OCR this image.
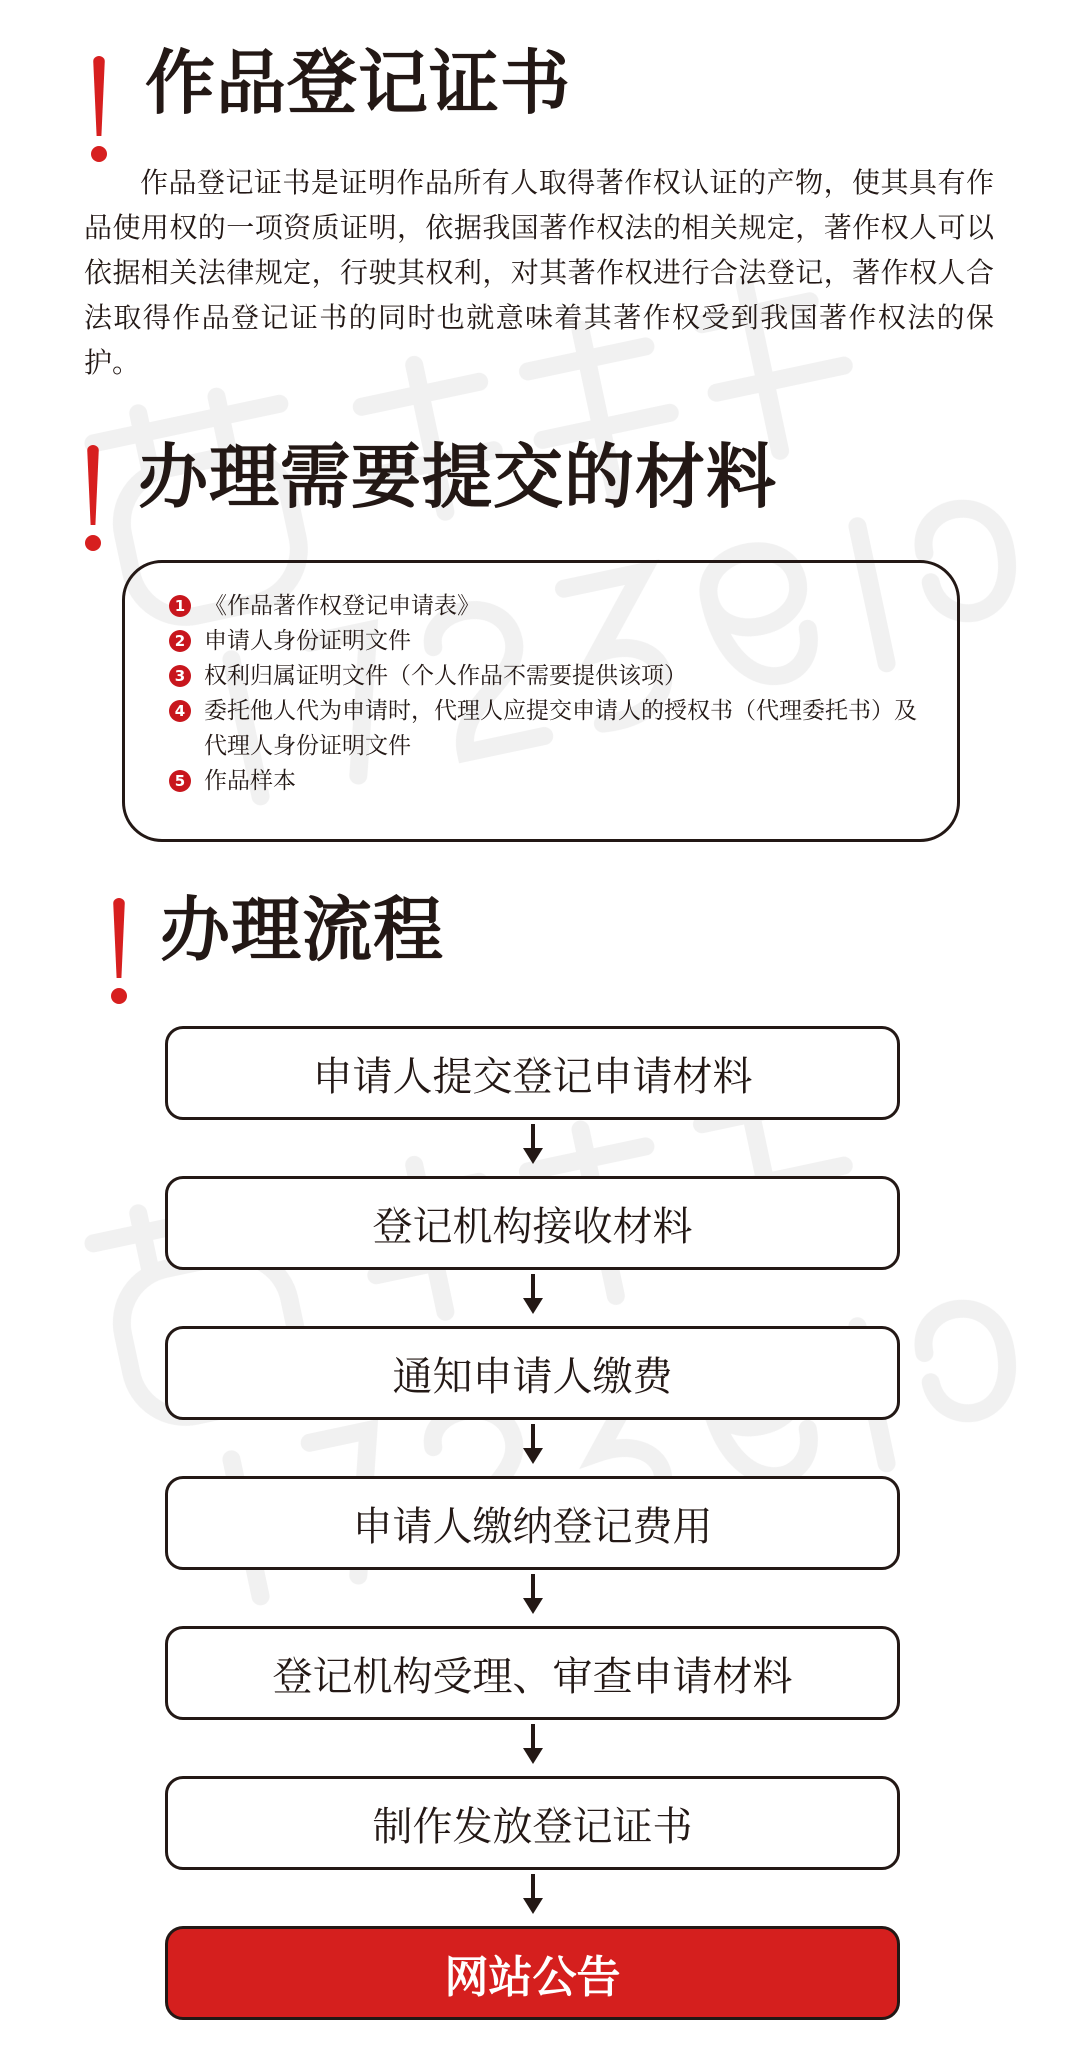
作品登记证书

作品登记证书是证明作品所有人取得著作权认证的产物，使其具有作品使用权的一项资质证明，依据我国著作权法的相关规定，著作权人可以依据相关法律规定，行驶其权利，对其著作权进行合法登记，著作权人合法取得作品登记证书的同时也就意味着其著作权受到我国著作权法的保护。

办理需要提交的材料
1 《作品著作权登记申请表》
2 申请人身份证明文件
3 权利归属证明文件（个人作品不需要提供该项）
4 委托他人代为申请时，代理人应提交申请人的授权书（代理委托书）及代理人身份证明文件
5 作品样本
办理流程
申请人提交登记申请材料
登记机构接收材料
通知申请人缴费
申请人缴纳登记费用
登记机构受理、审查申请材料
制作发放登记证书
网站公告
